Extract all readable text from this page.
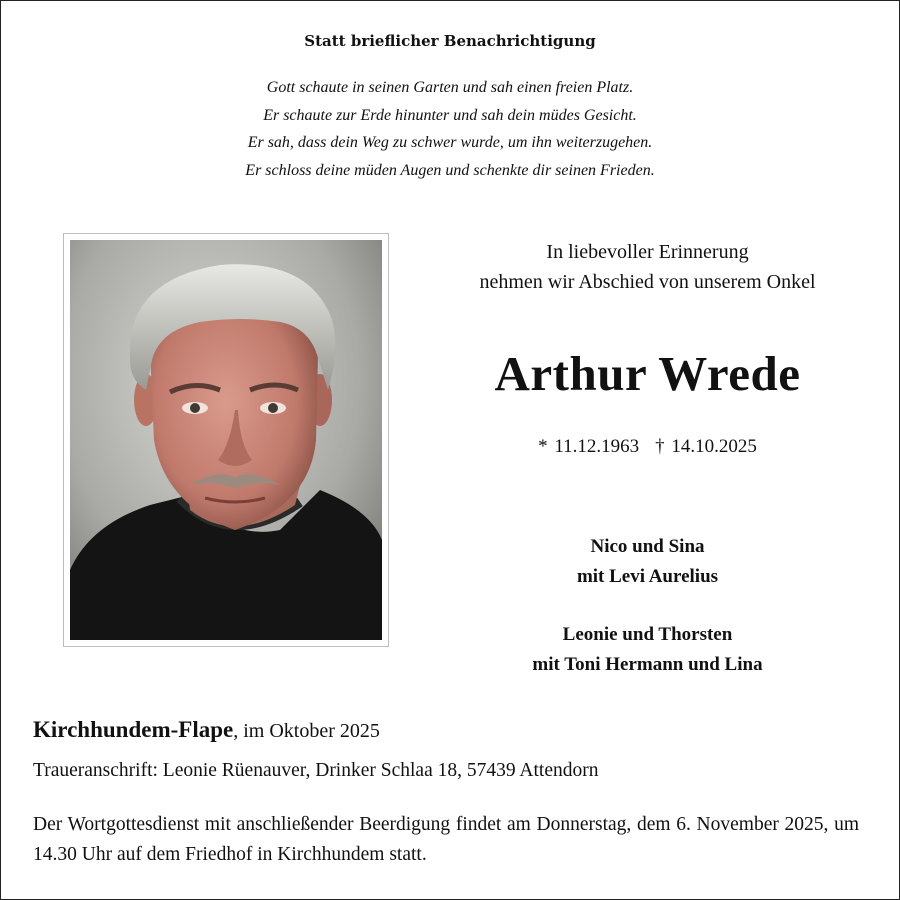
Statt brieflicher Benachrichtigung
Gott schaute in seinen Garten und sah einen freien Platz.
Er schaute zur Erde hinunter und sah dein müdes Gesicht.
Er sah, dass dein Weg zu schwer wurde, um ihn weiterzugehen.
Er schloss deine müden Augen und schenkte dir seinen Frieden.
In liebevoller Erinnerung
nehmen wir Abschied von unserem Onkel
Arthur Wrede
* 11.12.1963 † 14.10.2025
Nico und Sina
mit Levi Aurelius
Leonie und Thorsten
mit Toni Hermann und Lina
Kirchhundem-Flape, im Oktober 2025
Traueranschrift: Leonie Rüenauver, Drinker Schlaa 18, 57439 Attendorn
Der Wortgottesdienst mit anschließender Beerdigung findet am Donnerstag, dem 6. November 2025, um 14.30 Uhr auf dem Friedhof in Kirchhundem statt.
